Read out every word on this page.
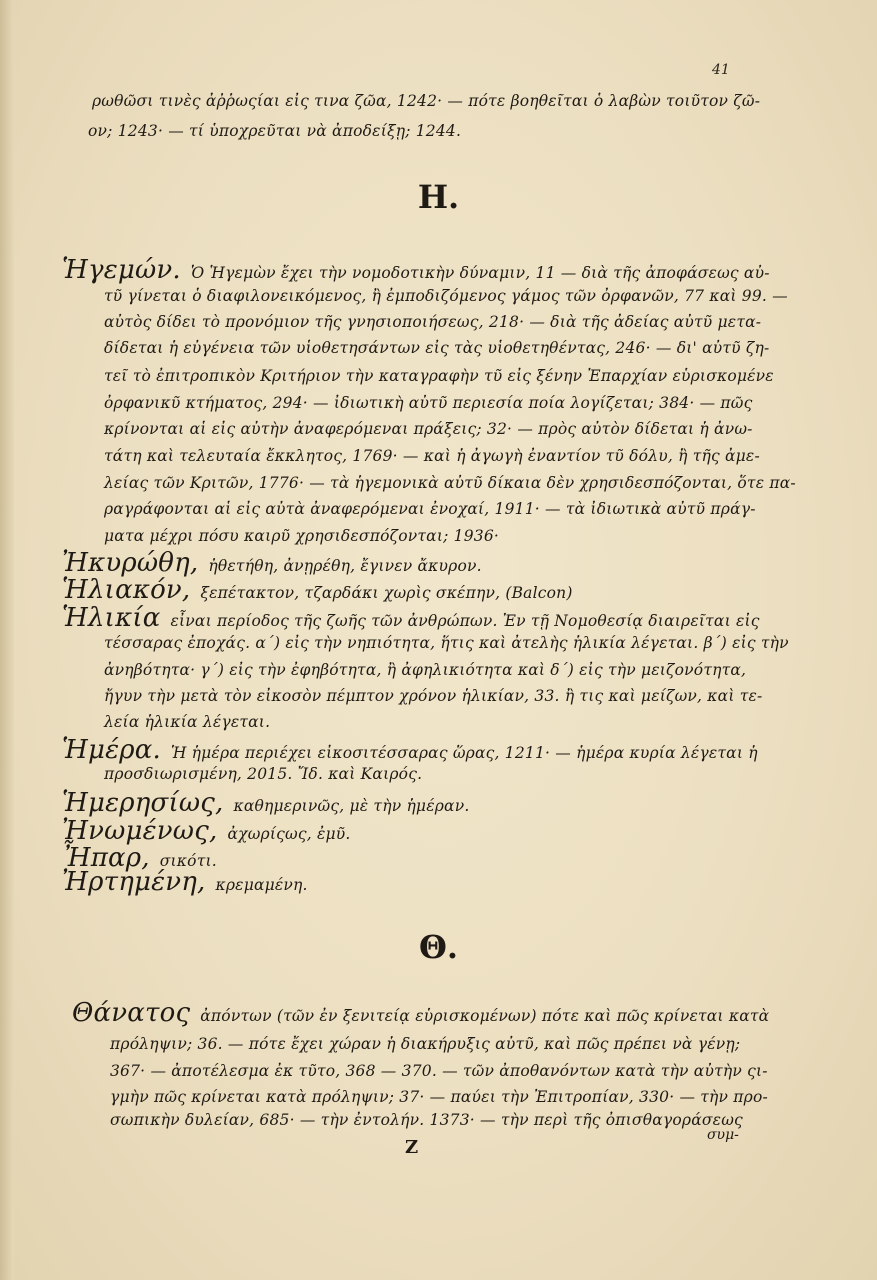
41
ρωθῶσι τινὲς ἀῤῥωςίαι εἰς τινα ζῶα, 1242· — πότε βοηθεῖται ὁ λαβὼν τοιῦτον ζῶ-
ον; 1243· — τί ὑποχρεῦται νὰ ἀποδείξῃ; 1244.
Η.
Ἡγεμών. Ὁ Ἡγεμὼν ἔχει τὴν νομοδοτικὴν δύναμιν, 11 — διὰ τῆς ἀποφάσεως αὐ-
τῦ γίνεται ὁ διαφιλονεικόμενος, ἢ ἐμποδιζόμενος γάμος τῶν ὀρφανῶν, 77 καὶ 99. —
αὐτὸς δίδει τὸ προνόμιον τῆς γνησιοποιήσεως, 218· — διὰ τῆς ἀδείας αὐτῦ μετα-
δίδεται ἡ εὐγένεια τῶν υἱοθετησάντων εἰς τὰς υἱοθετηθέντας, 246· — δι' αὐτῦ ζη-
τεῖ τὸ ἐπιτροπικὸν Κριτήριον τὴν καταγραφὴν τῦ εἰς ξένην Ἐπαρχίαν εὑρισκομένε
ὀρφανικῦ κτήματος, 294· — ἰδιωτικὴ αὐτῦ περιεσία ποία λογίζεται; 384· — πῶς
κρίνονται αἱ εἰς αὐτὴν ἀναφερόμεναι πράξεις; 32· — πρὸς αὐτὸν δίδεται ἡ ἀνω-
τάτη καὶ τελευταία ἔκκλητος, 1769· — καὶ ἡ ἀγωγὴ ἐναντίον τῦ δόλυ, ἢ τῆς ἀμε-
λείας τῶν Κριτῶν, 1776· — τὰ ἡγεμονικὰ αὐτῦ δίκαια δὲν χρησιδεσπόζονται, ὅτε πα-
ραγράφονται αἱ εἰς αὐτὰ ἀναφερόμεναι ἐνοχαί, 1911· — τὰ ἰδιωτικὰ αὐτῦ πράγ-
ματα μέχρι πόσυ καιρῦ χρησιδεσπόζονται; 1936·
Ἠκυρώθη, ἠθετήθη, ἀνῃρέθη, ἔγινεν ἄκυρον.
Ἡλιακόν, ξεπέτακτον, τζαρδάκι χωρὶς σκέπην, (Balcon)
Ἡλικία εἶναι περίοδος τῆς ζωῆς τῶν ἀνθρώπων. Ἐν τῇ Νομοθεσίᾳ διαιρεῖται εἰς
τέσσαρας ἐποχάς. α΄) εἰς τὴν νηπιότητα, ἥτις καὶ ἀτελὴς ἡλικία λέγεται. β΄) εἰς τὴν
ἀνηβότητα· γ΄) εἰς τὴν ἐφηβότητα, ἢ ἀφηλικιότητα καὶ δ΄) εἰς τὴν μειζονότητα,
ἤγυν τὴν μετὰ τὸν εἰκοσὸν πέμπτον χρόνον ἡλικίαν, 33. ἢ τις καὶ μείζων, καὶ τε-
λεία ἡλικία λέγεται.
Ἡμέρα. Ἡ ἡμέρα περιέχει εἰκοσιτέσσαρας ὥρας, 1211· — ἡμέρα κυρία λέγεται ἡ
προσδιωρισμένη, 2015. Ἴδ. καὶ Καιρός.
Ἡμερησίως, καθημερινῶς, μὲ τὴν ἡμέραν.
Ἠνωμένως, ἀχωρίςως, ἐμῦ.
Ἦπαρ, σικότι.
Ἠρτημένη, κρεμαμένη.
Θ.
Θάνατος ἀπόντων (τῶν ἐν ξενιτείᾳ εὑρισκομένων) πότε καὶ πῶς κρίνεται κατὰ
πρόληψιν; 36. — πότε ἔχει χώραν ἡ διακήρυξις αὐτῦ, καὶ πῶς πρέπει νὰ γένῃ;
367· — ἀποτέλεσμα ἐκ τῦτο, 368 — 370. — τῶν ἀποθανόντων κατὰ τὴν αὐτὴν ςι-
γμὴν πῶς κρίνεται κατὰ πρόληψιν; 37· — παύει τὴν Ἐπιτροπίαν, 330· — τὴν προ-
σωπικὴν δυλείαν, 685· — τὴν ἐντολήν. 1373· — τὴν περὶ τῆς ὀπισθαγοράσεως
Ζ
συμ-
